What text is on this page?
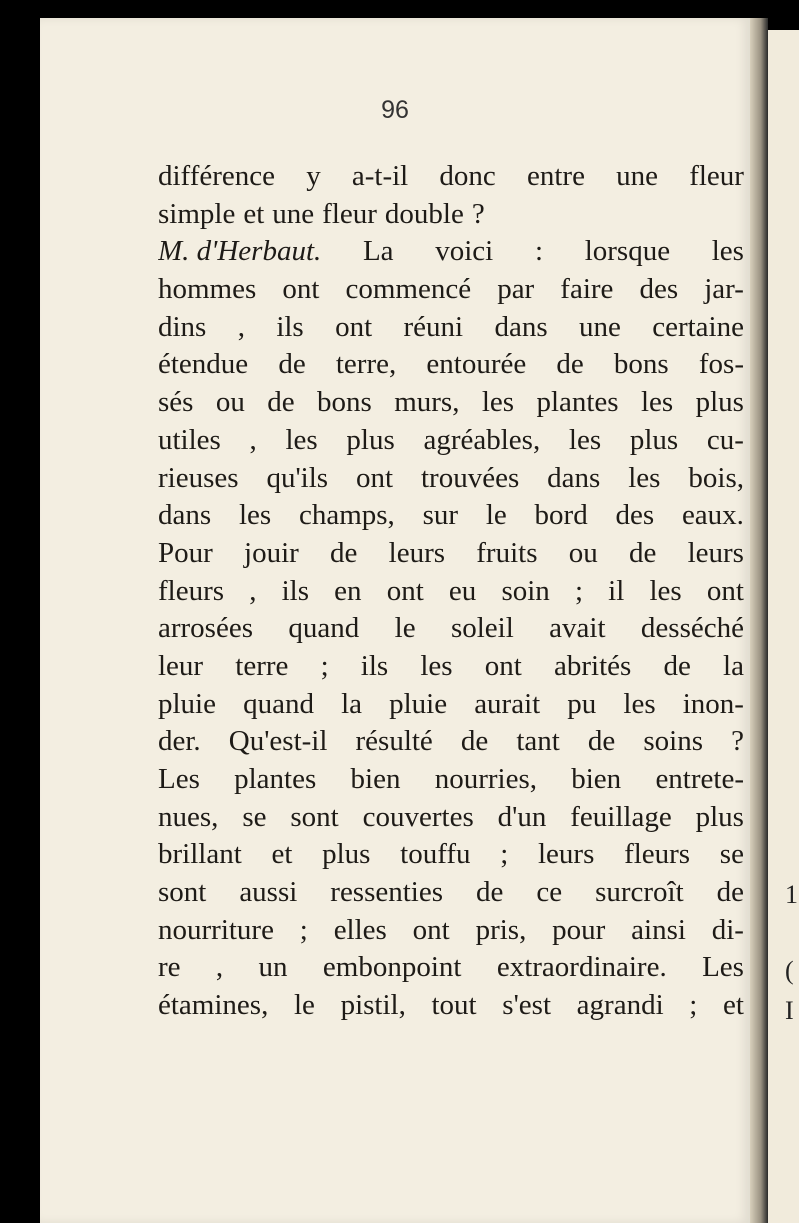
96
différence y a-t-il donc entre une fleur
simple et une fleur double ?
M. d'Herbaut. La voici : lorsque les
hommes ont commencé par faire des jar-
dins , ils ont réuni dans une certaine
étendue de terre, entourée de bons fos-
sés ou de bons murs, les plantes les plus
utiles , les plus agréables, les plus cu-
rieuses qu'ils ont trouvées dans les bois,
dans les champs, sur le bord des eaux.
Pour jouir de leurs fruits ou de leurs
fleurs , ils en ont eu soin ; il les ont
arrosées quand le soleil avait desséché
leur terre ; ils les ont abrités de la
pluie quand la pluie aurait pu les inon-
der. Qu'est-il résulté de tant de soins ?
Les plantes bien nourries, bien entrete-
nues, se sont couvertes d'un feuillage plus
brillant et plus touffu ; leurs fleurs se
sont aussi ressenties de ce surcroît de
nourriture ; elles ont pris, pour ainsi di-
re , un embonpoint extraordinaire. Les
étamines, le pistil, tout s'est agrandi ; et
1
(
I
